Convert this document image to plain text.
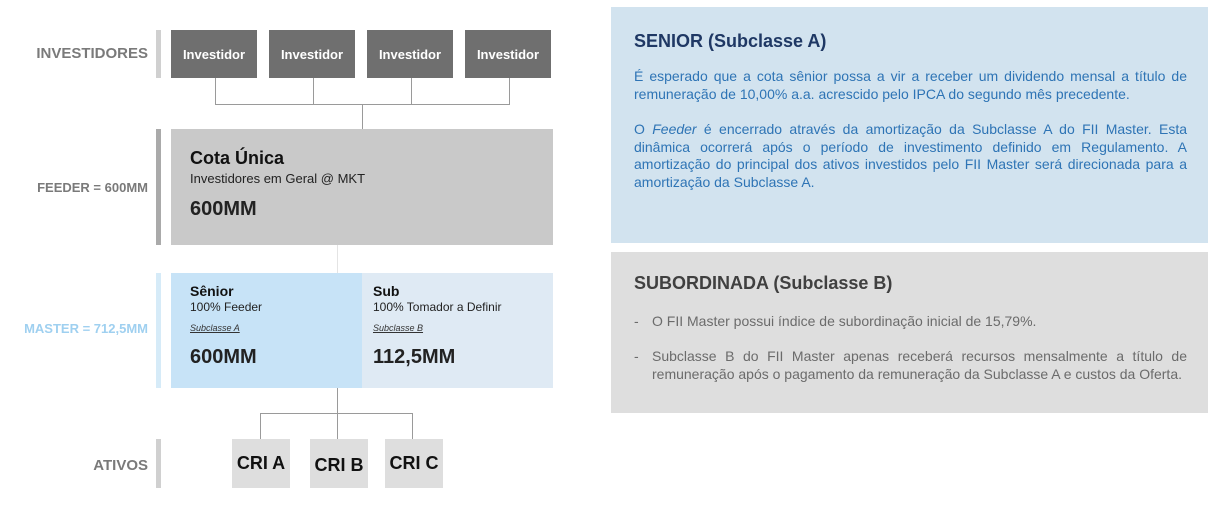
INVESTIDORES
FEEDER = 600MM
MASTER = 712,5MM
ATIVOS
Investidor	Investidor	Investidor	Investidor
Cota Única
Investidores em Geral @ MKT
600MM
Sênior
100% Feeder
Subclasse A
600MM
Sub
100% Tomador a Definir
Subclasse B
112,5MM
CRI A CRI B CRI C
SENIOR (Subclasse A)
É esperado que a cota sênior possa a vir a receber um dividendo mensal a título de remuneração de 10,00% a.a. acrescido pelo IPCA do segundo mês precedente.
O Feeder é encerrado através da amortização da Subclasse A do FII Master. Esta dinâmica ocorrerá após o período de investimento definido em Regulamento. A amortização do principal dos ativos investidos pelo FII Master será direcionada para a amortização da Subclasse A.
SUBORDINADA (Subclasse B)
- O FII Master possui índice de subordinação inicial de 15,79%.
- Subclasse B do FII Master apenas receberá recursos mensalmente a título de remuneração após o pagamento da remuneração da Subclasse A e custos da Oferta.
